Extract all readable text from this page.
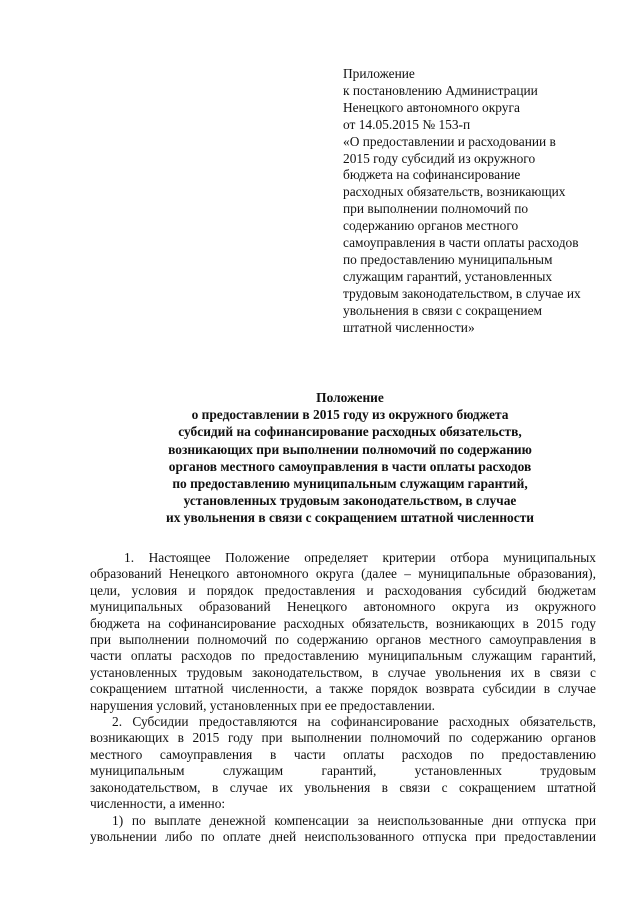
Приложение
к постановлению Администрации
Ненецкого автономного округа
от 14.05.2015 № 153-п
«О предоставлении и расходовании в
2015 году субсидий из окружного
бюджета на софинансирование
расходных обязательств, возникающих
при выполнении полномочий по
содержанию органов местного
самоуправления в части оплаты расходов
по предоставлению муниципальным
служащим гарантий, установленных
трудовым законодательством, в случае их
увольнения в связи с сокращением
штатной численности»
Положение
о предоставлении в 2015 году из окружного бюджета
субсидий на софинансирование расходных обязательств,
возникающих при выполнении полномочий по содержанию
органов местного самоуправления в части оплаты расходов
по предоставлению муниципальным служащим гарантий,
установленных трудовым законодательством, в случае
их увольнения в связи с сокращением штатной численности
1. Настоящее Положение определяет критерии отбора муниципальных
образований Ненецкого автономного округа (далее – муниципальные образования),
цели, условия и порядок предоставления и расходования субсидий бюджетам
муниципальных образований Ненецкого автономного округа из окружного
бюджета на софинансирование расходных обязательств, возникающих в 2015 году
при выполнении полномочий по содержанию органов местного самоуправления в
части оплаты расходов по предоставлению муниципальным служащим гарантий,
установленных трудовым законодательством, в случае увольнения их в связи с
сокращением штатной численности, а также порядок возврата субсидии в случае
нарушения условий, установленных при ее предоставлении.
2. Субсидии предоставляются на софинансирование расходных обязательств,
возникающих в 2015 году при выполнении полномочий по содержанию органов
местного самоуправления в части оплаты расходов по предоставлению
муниципальным служащим гарантий, установленных трудовым
законодательством, в случае их увольнения в связи с сокращением штатной
численности, а именно:
1) по выплате денежной компенсации за неиспользованные дни отпуска при
увольнении либо по оплате дней неиспользованного отпуска при предоставлении
